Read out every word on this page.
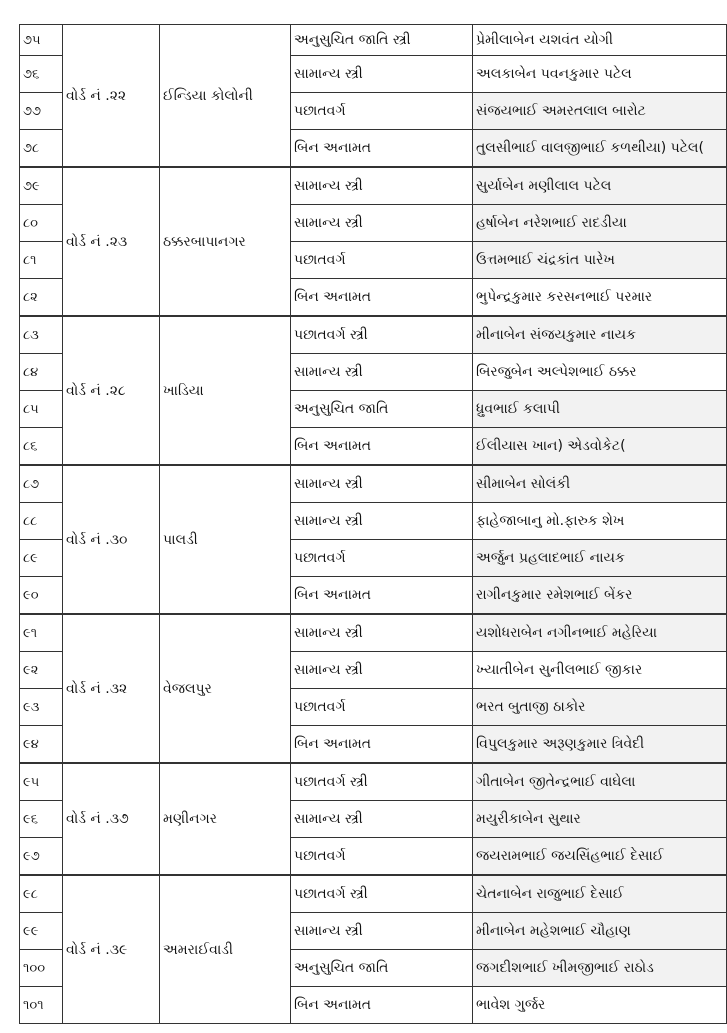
૭૫	વોર્ડ નં .૨૨	ઈન્ડિયા કોલોની	અનુસુચિત જાતિ સ્ત્રી	પ્રેમીલાબેન યશવંત યોગી
૭૬			સામાન્ય સ્ત્રી	અલકાબેન પવનકુમાર પટેલ
૭૭			પછાતવર્ગ	સંજયભાઈ અમરતલાલ બારોટ
૭૮			બિન અનામત	તુલસીભાઈ વાલજીભાઈ કળથીયા) પટેલ(
૭૯	વોર્ડ નં .૨૩	ઠક્કરબાપાનગર	સામાન્ય સ્ત્રી	સુર્યાબેન મણીલાલ પટેલ
૮૦			સામાન્ય સ્ત્રી	હર્ષાબેન નરેશભાઈ રાદડીયા
૮૧			પછાતવર્ગ	ઉત્તમભાઈ ચંદ્રકાંત પારેખ
૮૨			બિન અનામત	ભુપેન્દ્રકુમાર કરસનભાઈ પરમાર
૮૩	વોર્ડ નં .૨૮	ખાડિયા	પછાતવર્ગ સ્ત્રી	મીનાબેન સંજયકુમાર નાયક
૮૪			સામાન્ય સ્ત્રી	બિરજુબેન અલ્પેશભાઈ ઠક્કર
૮૫			અનુસુચિત જાતિ	ધ્રુવભાઈ કલાપી
૮૬			બિન અનામત	ઈલીયાસ ખાન) એડવોકેટ(
૮૭	વોર્ડ નં .૩૦	પાલડી	સામાન્ય સ્ત્રી	સીમાબેન સોલંકી
૮૮			સામાન્ય સ્ત્રી	ફાહેજાબાનુ મો.ફારુક શેખ
૮૯			પછાતવર્ગ	અર્જુન પ્રહલાદભાઈ નાયક
૯૦			બિન અનામત	રાગીનકુમાર રમેશભાઈ બેંકર
૯૧	વોર્ડ નં .૩૨	વેજલપુર	સામાન્ય સ્ત્રી	યશોધરાબેન નગીનભાઈ મહેરિયા
૯૨			સામાન્ય સ્ત્રી	ખ્યાતીબેન સુનીલભાઈ જીકાર
૯૩			પછાતવર્ગ	ભરત બુતાજી ઠાકોર
૯૪			બિન અનામત	વિપુલકુમાર અરૂણકુમાર ત્રિવેદી
૯૫	વોર્ડ નં .૩૭	મણીનગર	પછાતવર્ગ સ્ત્રી	ગીતાબેન જીતેન્દ્રભાઈ વાઘેલા
૯૬			સામાન્ય સ્ત્રી	મયુરીકાબેન સુથાર
૯૭			પછાતવર્ગ	જયરામભાઈ જયસિંહભાઈ દેસાઈ
૯૮	વોર્ડ નં .૩૯	અમરાઈવાડી	પછાતવર્ગ સ્ત્રી	ચેતનાબેન રાજુભાઈ દેસાઈ
૯૯			સામાન્ય સ્ત્રી	મીનાબેન મહેશભાઈ ચૌહાણ
૧૦૦			અનુસુચિત જાતિ	જગદીશભાઈ ખીમજીભાઈ રાઠોડ
૧૦૧			બિન અનામત	ભાવેશ ગુર્જર
